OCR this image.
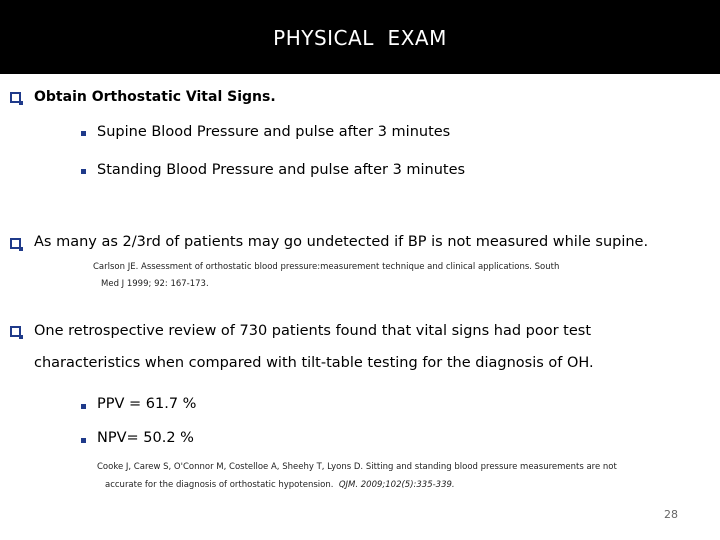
PHYSICAL  EXAM
Obtain Orthostatic Vital Signs.
Supine Blood Pressure and pulse after 3 minutes
Standing Blood Pressure and pulse after 3 minutes
As many as 2/3rd of patients may go undetected if BP is not measured while supine.
Carlson JE. Assessment of orthostatic blood pressure:measurement technique and clinical applications. South
Med J 1999; 92: 167-173.
One retrospective review of 730 patients found that vital signs had poor test
characteristics when compared with tilt-table testing for the diagnosis of OH.
PPV = 61.7 %
NPV= 50.2 %
Cooke J, Carew S, O'Connor M, Costelloe A, Sheehy T, Lyons D. Sitting and standing blood pressure measurements are not
accurate for the diagnosis of orthostatic hypotension. QJM. 2009;102(5):335-339.
28
